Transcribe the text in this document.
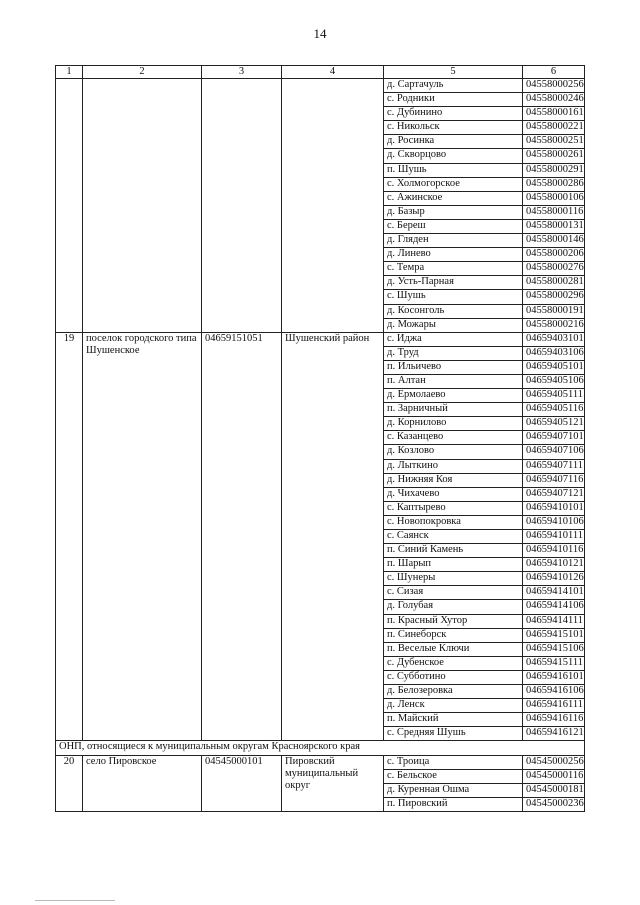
14
1	2	3	4	5	6
				д. Сартачуль	04558000256
				с. Родники	04558000246
				с. Дубинино	04558000161
				с. Никольск	04558000221
				д. Росинка	04558000251
				д. Скворцово	04558000261
				п. Шушь	04558000291
				с. Холмогорское	04558000286
				с. Ажинское	04558000106
				д. Базыр	04558000116
				с. Береш	04558000131
				д. Гляден	04558000146
				д. Линево	04558000206
				с. Темра	04558000276
				д. Усть-Парная	04558000281
				с. Шушь	04558000296
				д. Косонголь	04558000191
				д. Можары	04558000216
19	поселок городского типа Шушенское	04659151051	Шушенский район	с. Иджа	04659403101
				д. Труд	04659403106
				п. Ильичево	04659405101
				п. Алтан	04659405106
				д. Ермолаево	04659405111
				п. Зарничный	04659405116
				д. Корнилово	04659405121
				с. Казанцево	04659407101
				д. Козлово	04659407106
				д. Лыткино	04659407111
				д. Нижняя Коя	04659407116
				д. Чихачево	04659407121
				с. Каптырево	04659410101
				с. Новопокровка	04659410106
				с. Саянск	04659410111
				п. Синий Камень	04659410116
				п. Шарып	04659410121
				с. Шунеры	04659410126
				с. Сизая	04659414101
				д. Голубая	04659414106
				п. Красный Хутор	04659414111
				п. Синеборск	04659415101
				п. Веселые Ключи	04659415106
				с. Дубенское	04659415111
				с. Субботино	04659416101
				д. Белозеровка	04659416106
				д. Ленск	04659416111
				п. Майский	04659416116
				с. Средняя Шушь	04659416121
ОНП, относящиеся к муниципальным округам Красноярского края					
20	село Пировское	04545000101	Пировский муниципальный округ	с. Троица	04545000256
				с. Бельское	04545000116
				д. Куренная Ошма	04545000181
				п. Пировский	04545000236
